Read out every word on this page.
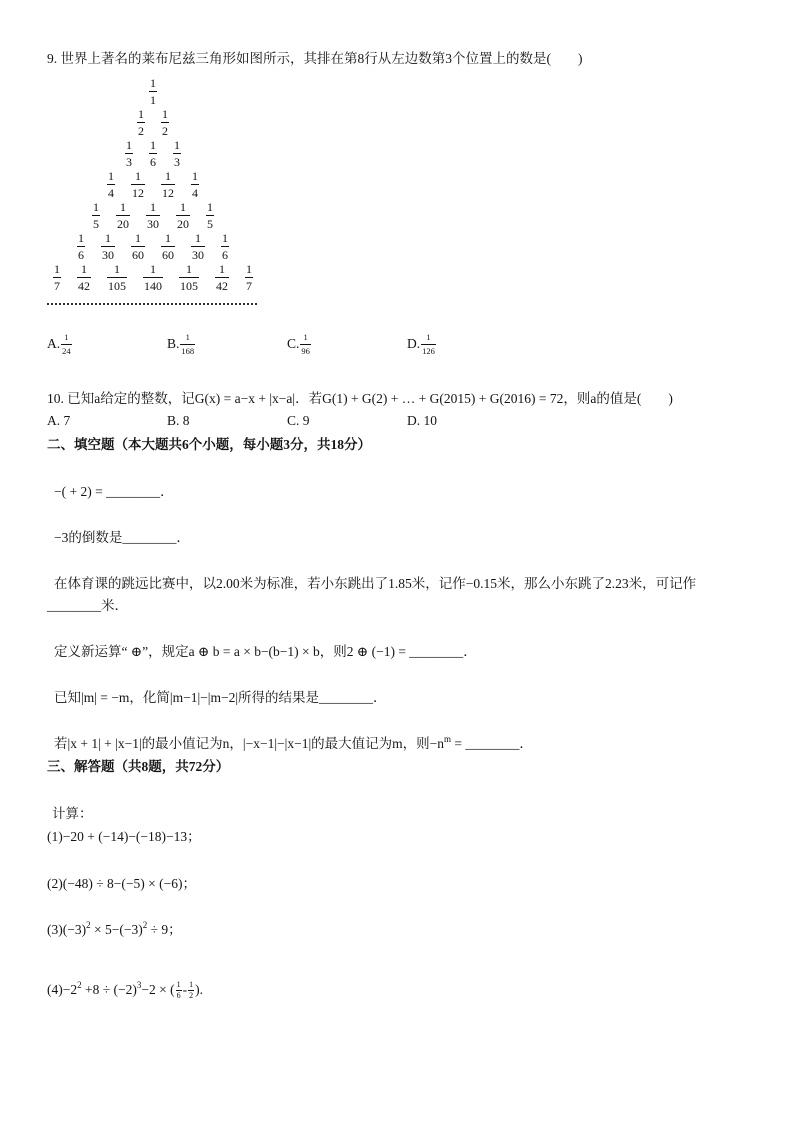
9. 世界上著名的莱布尼兹三角形如图所示，其排在第8行从左边数第3个位置上的数是(　　)
$\frac{1}{1}$
$\frac{1}{2} \frac{1}{2}$
$\frac{1}{3} \frac{1}{6} \frac{1}{3}$
$\frac{1}{4} \frac{1}{12} \frac{1}{12} \frac{1}{4}$
$\frac{1}{5} \frac{1}{20} \frac{1}{30} \frac{1}{20} \frac{1}{5}$
$\frac{1}{6} \frac{1}{30} \frac{1}{60} \frac{1}{60} \frac{1}{30} \frac{1}{6}$
$\frac{1}{7} \frac{1}{42} \frac{1}{105} \frac{1}{140} \frac{1}{105} \frac{1}{42} \frac{1}{7}$
A. $\frac{1}{24}$	B. $\frac{1}{168}$	C. $\frac{1}{96}$	D. $\frac{1}{126}$
10. 已知a给定的整数，记G(x) = a−x + |x−a|．若G(1) + G(2) + … + G(2015) + G(2016) = 72，则a的值是(　　)
A. 7	B. 8	C. 9	D. 10
二、填空题（本大题共6个小题，每小题3分，共18分）
−( + 2) = ________．
−3的倒数是________．
在体育课的跳远比赛中，以2.00米为标准，若小东跳出了1.85米，记作−0.15米，那么小东跳了2.23米，可记作
________米．
定义新运算“ ⊕”，规定a ⊕ b = a × b−(b−1) × b，则2 ⊕ (−1) = ________．
已知|m| = −m，化简|m−1|−|m−2|所得的结果是________．
若|x + 1| + |x−1|的最小值记为n，|−x−1|−|x−1|的最大值记为m，则$-n^m$ = ________．
三、解答题（共8题，共72分）
计算：
(1)−20 + (−14)−(−18)−13；
(2)(−48) ÷ 8−(−5) × (−6)；
$(3)(-3)^2 \times 5-(-3)^2 \div 9$；
$(4)-2^2 +8 \div (-2)^3-2$ × ( $\frac{1}{6} - \frac{1}{2}$ ).
